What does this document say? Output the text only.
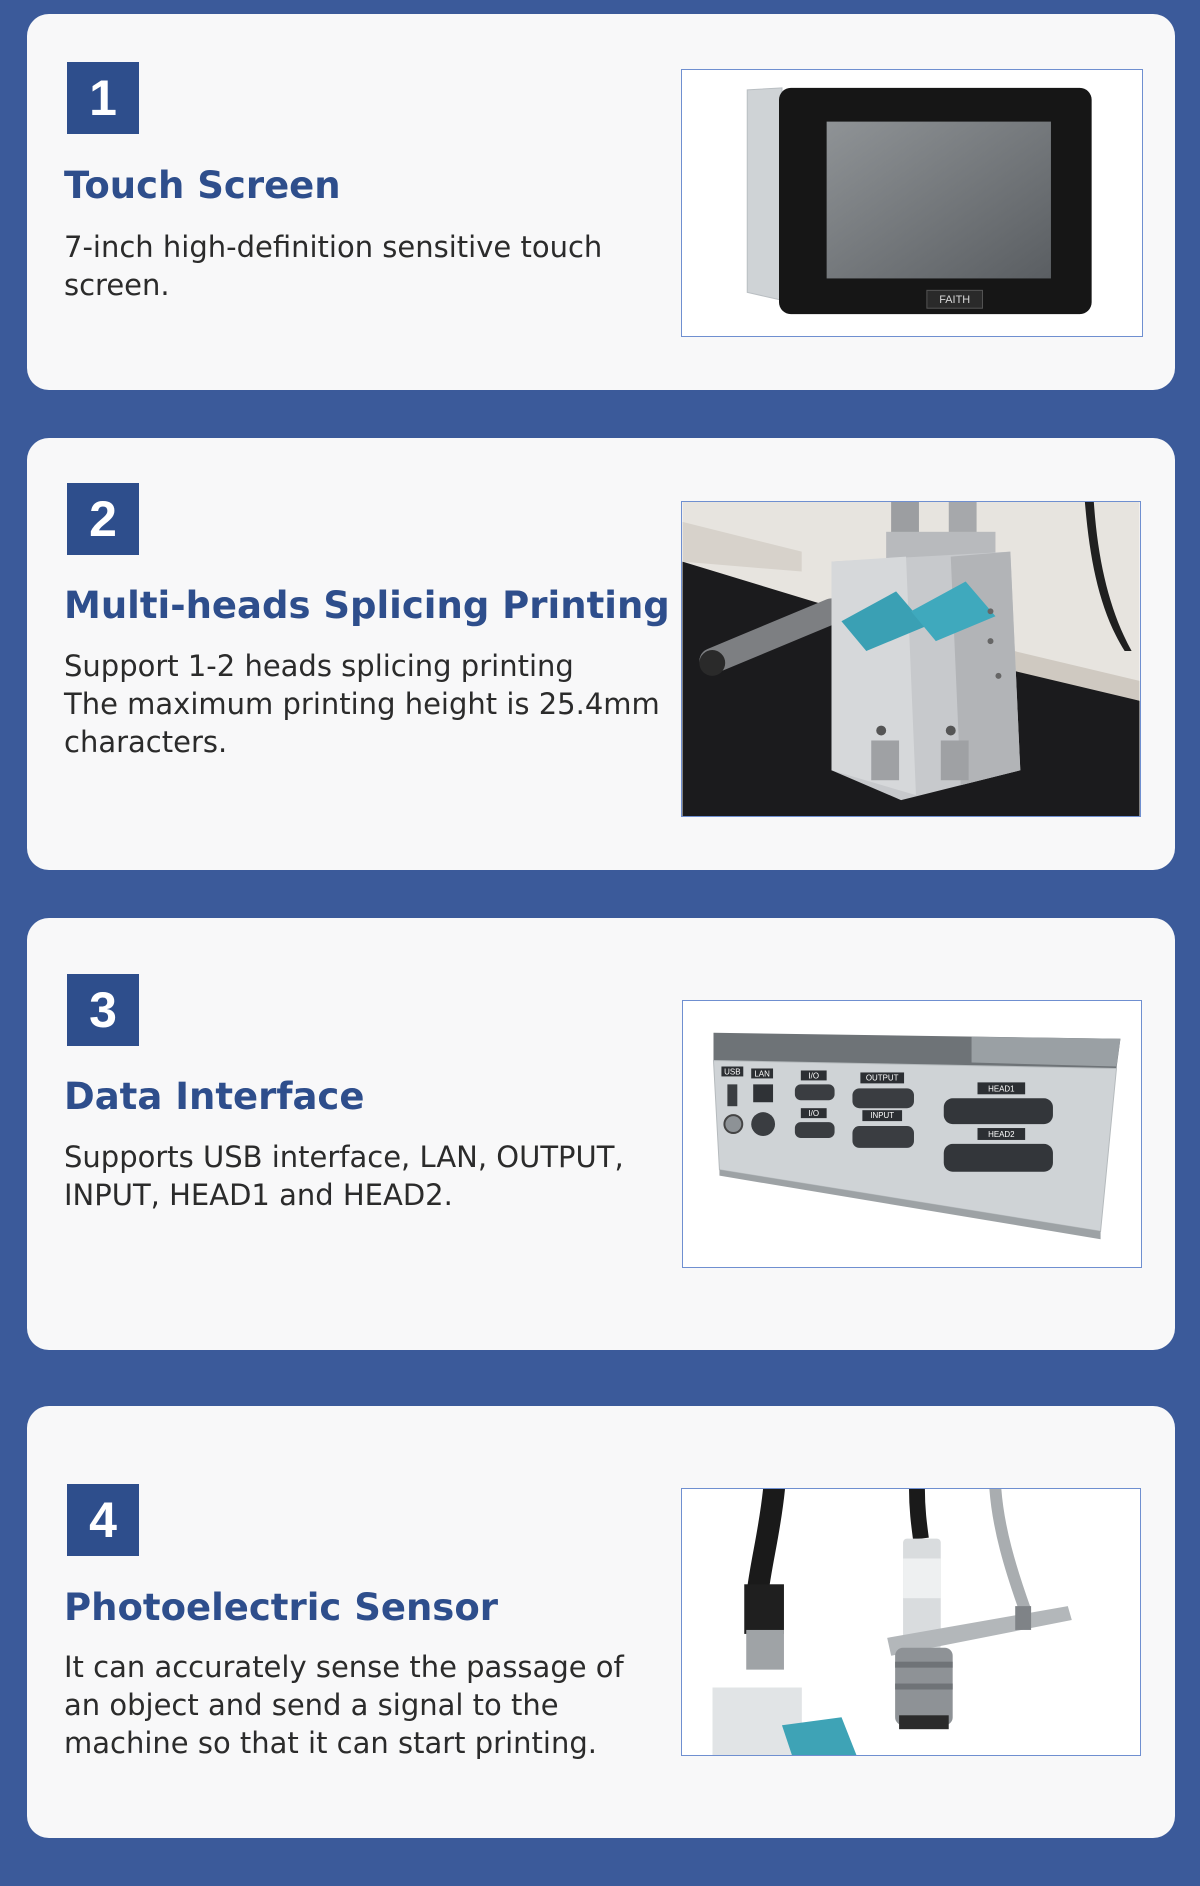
1
Touch Screen

7-inch high-definition sensitive touch
screen.	FAITH
2
Multi-heads Splicing Printing

Support 1-2 heads splicing printing
The maximum printing height is 25.4mm
characters.

3
Data Interface

Supports USB interface, LAN, OUTPUT,
INPUT, HEAD1 and HEAD2.

USB LAN	I/O	OUTPUT
I/O	INPUT
HEAD1
HEAD2
4
Photoelectric Sensor

It can accurately sense the passage of
an object and send a signal to the
machine so that it can start printing.
